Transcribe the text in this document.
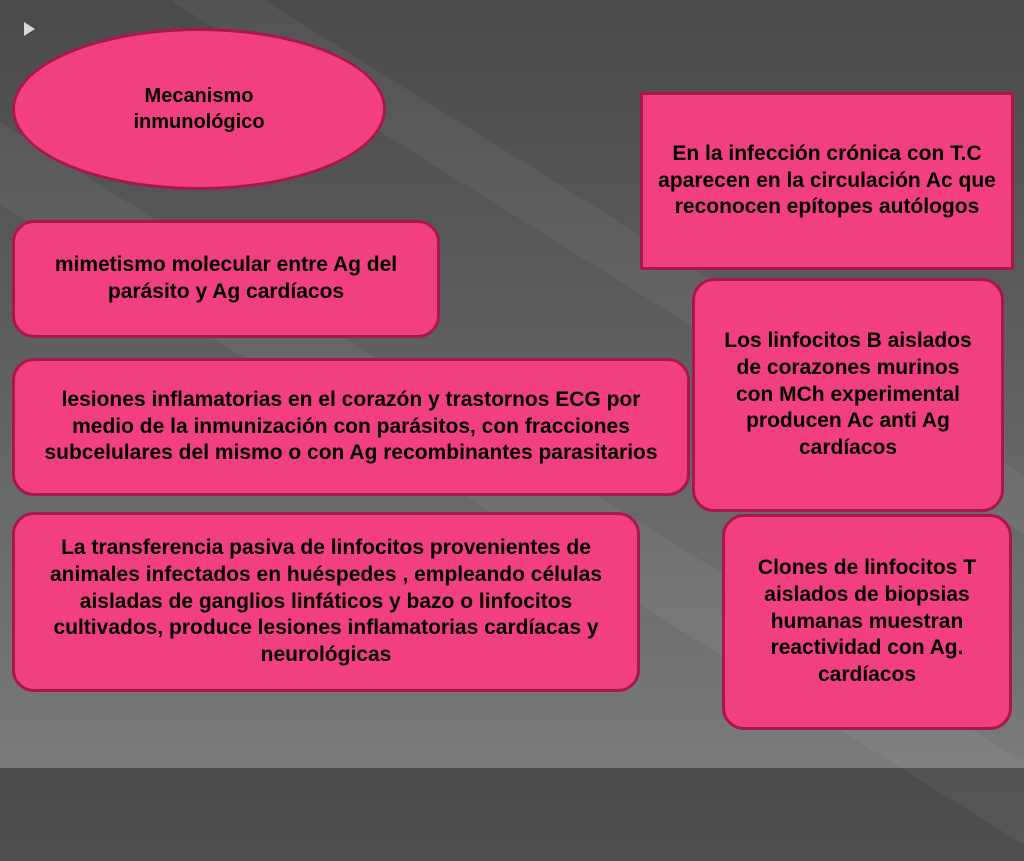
Mecanismo inmunológico
En la infección crónica con T.C aparecen en la circulación Ac que reconocen epítopes autólogos
mimetismo molecular entre Ag del parásito y Ag cardíacos
Los linfocitos B aislados de corazones murinos con MCh experimental producen Ac anti Ag cardíacos
lesiones inflamatorias en el corazón y trastornos ECG por medio de la inmunización con parásitos, con fracciones subcelulares del mismo o con Ag recombinantes parasitarios
La transferencia pasiva de linfocitos provenientes de animales infectados en huéspedes , empleando células aisladas de ganglios linfáticos y bazo o linfocitos cultivados, produce lesiones inflamatorias cardíacas y neurológicas
Clones de linfocitos T aislados de biopsias humanas muestran reactividad con Ag. cardíacos
